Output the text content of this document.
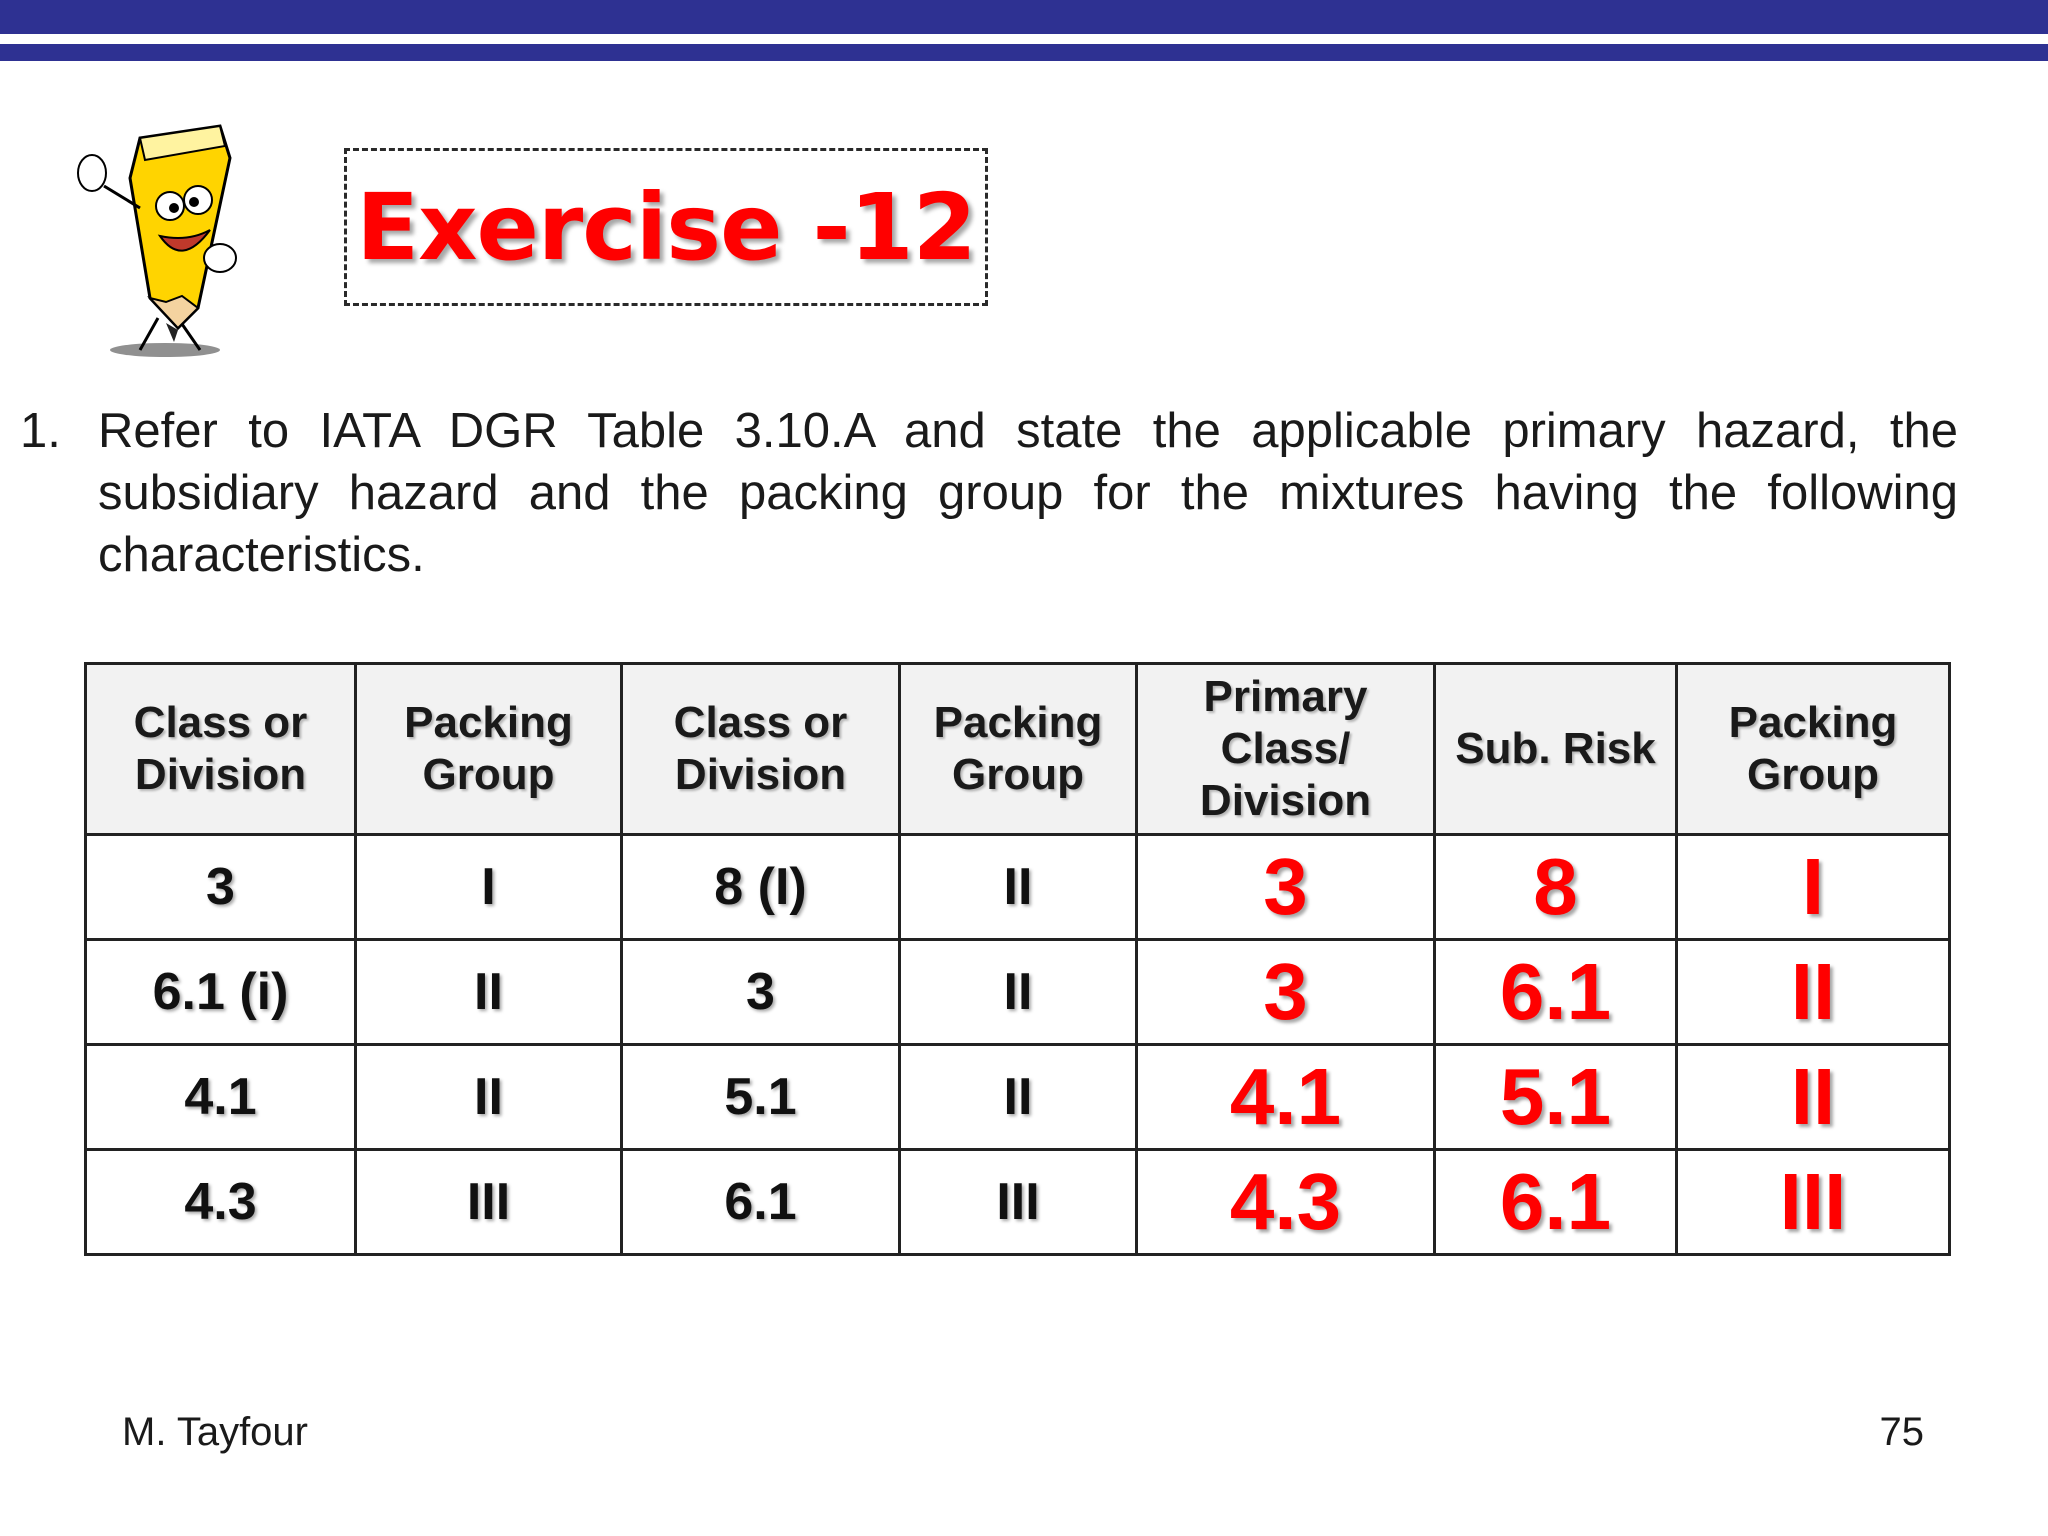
Exercise -12
1. Refer to IATA DGR Table 3.10.A and state the applicable primary hazard, the subsidiary hazard and the packing group for the mixtures having the following characteristics.
Class or Division	Packing Group	Class or Division	Packing Group	Primary Class/ Division	Sub. Risk	Packing Group
3	I	8 (I)	II	3	8	I
6.1 (i)	II	3	II	3	6.1	II
4.1	II	5.1	II	4.1	5.1	II
4.3	III	6.1	III	4.3	6.1	III
M. Tayfour	75
